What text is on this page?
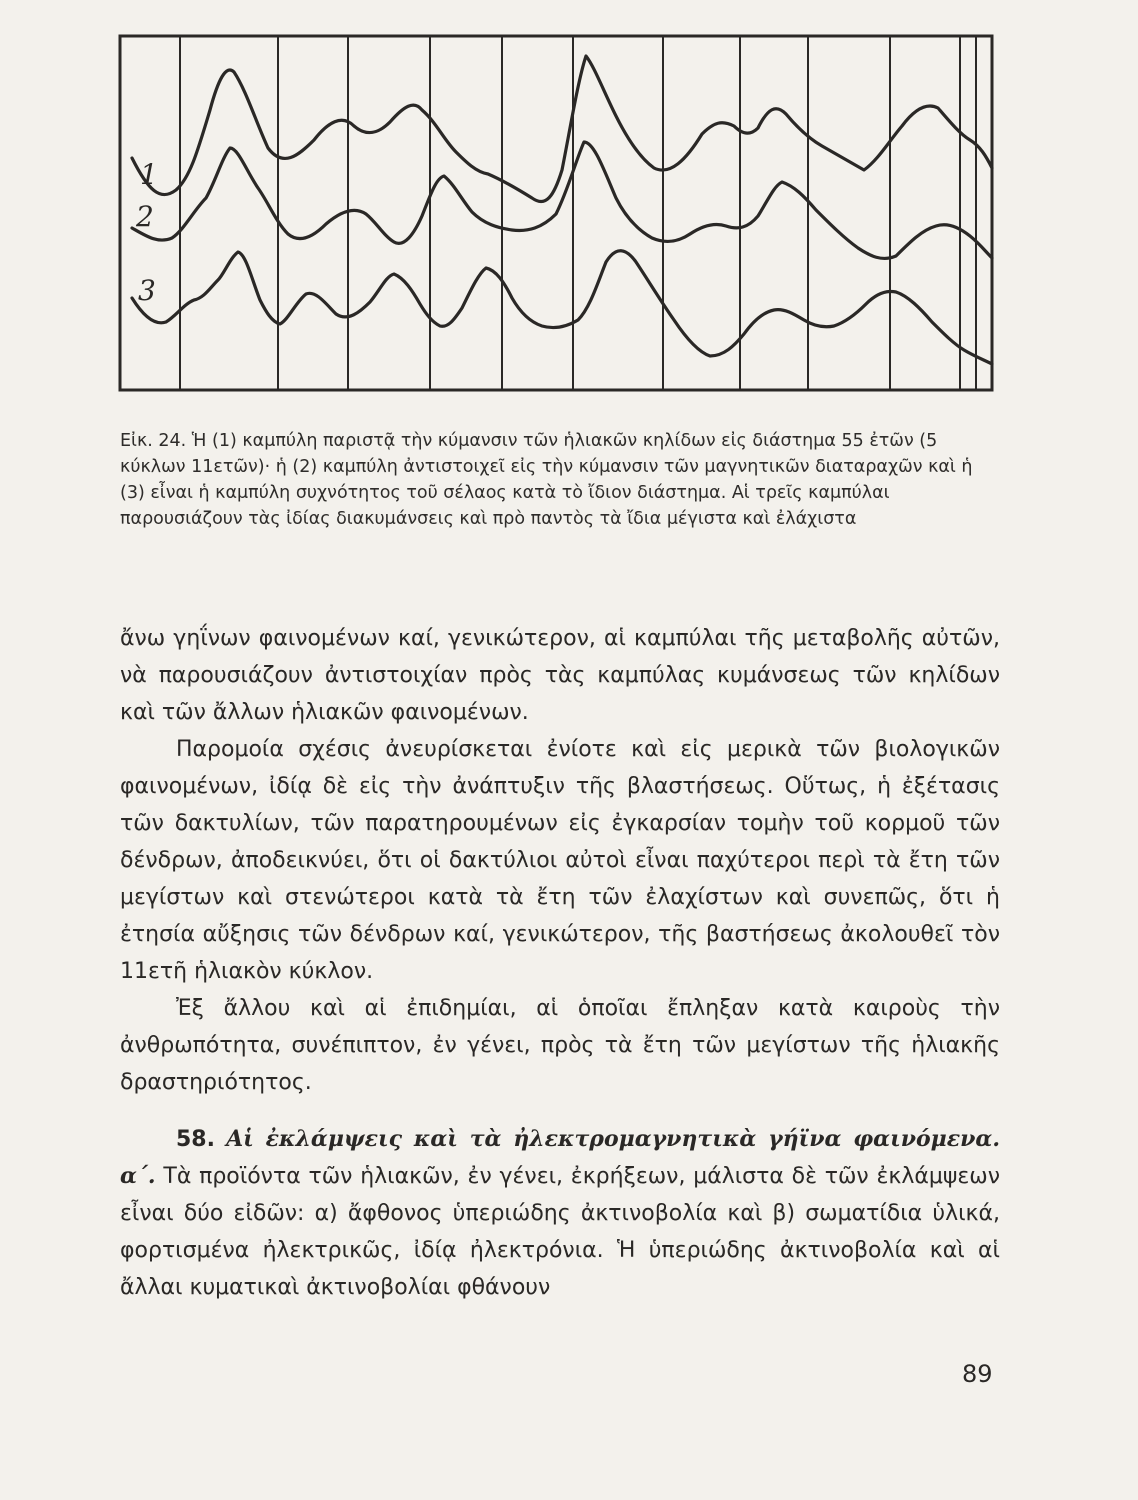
1
2
3

Εἰκ. 24. Ἡ (1) καμπύλη παριστᾷ τὴν κύμανσιν τῶν ἡλιακῶν κηλίδων εἰς διάστημα 55 ἐτῶν (5 κύκλων 11ετῶν)· ἡ (2) καμπύλη ἀντιστοιχεῖ εἰς τὴν κύμανσιν τῶν μαγνητικῶν διαταραχῶν καὶ ἡ (3) εἶναι ἡ καμπύλη συχνότητος τοῦ σέλαος κατὰ τὸ ἴδιον διάστημα. Αἱ τρεῖς καμπύλαι παρουσιάζουν τὰς ἰδίας διακυμάνσεις καὶ πρὸ παντὸς τὰ ἴδια μέγιστα καὶ ἐλάχιστα

ἄνω γηΐνων φαινομένων καί, γενικώτερον, αἱ καμπύλαι τῆς μεταβολῆς αὐτῶν, νὰ παρουσιάζουν ἀντιστοιχίαν πρὸς τὰς καμπύλας κυμάνσεως τῶν κηλίδων καὶ τῶν ἄλλων ἡλιακῶν φαινομένων.

Παρομοία σχέσις ἀνευρίσκεται ἐνίοτε καὶ εἰς μερικὰ τῶν βιολογικῶν φαινομένων, ἰδίᾳ δὲ εἰς τὴν ἀνάπτυξιν τῆς βλαστήσεως. Οὕτως, ἡ ἐξέτασις τῶν δακτυλίων, τῶν παρατηρουμένων εἰς ἐγκαρσίαν τομὴν τοῦ κορμοῦ τῶν δένδρων, ἀποδεικνύει, ὅτι οἱ δακτύλιοι αὐτοὶ εἶναι παχύτεροι περὶ τὰ ἔτη τῶν μεγίστων καὶ στενώτεροι κατὰ τὰ ἔτη τῶν ἐλαχίστων καὶ συνεπῶς, ὅτι ἡ ἐτησία αὔξησις τῶν δένδρων καί, γενικώτερον, τῆς βαστήσεως ἀκολουθεῖ τὸν 11ετῆ ἡλιακὸν κύκλον.

Ἐξ ἄλλου καὶ αἱ ἐπιδημίαι, αἱ ὁποῖαι ἔπληξαν κατὰ καιροὺς τὴν ἀνθρωπότητα, συνέπιπτον, ἐν γένει, πρὸς τὰ ἔτη τῶν μεγίστων τῆς ἡλιακῆς δραστηριότητος.

58. Αἱ ἐκλάμψεις καὶ τὰ ἠλεκτρομαγνητικὰ γήϊνα φαινόμενα. α΄. Τὰ προϊόντα τῶν ἡλιακῶν, ἐν γένει, ἐκρήξεων, μάλιστα δὲ τῶν ἐκλάμψεων εἶναι δύο εἰδῶν: α) ἄφθονος ὑπεριώδης ἀκτινοβολία καὶ β) σωματίδια ὑλικά, φορτισμένα ἠλεκτρικῶς, ἰδίᾳ ἠλεκτρόνια. Ἡ ὑπεριώδης ἀκτινοβολία καὶ αἱ ἄλλαι κυματικαὶ ἀκτινοβολίαι φθάνουν

89
